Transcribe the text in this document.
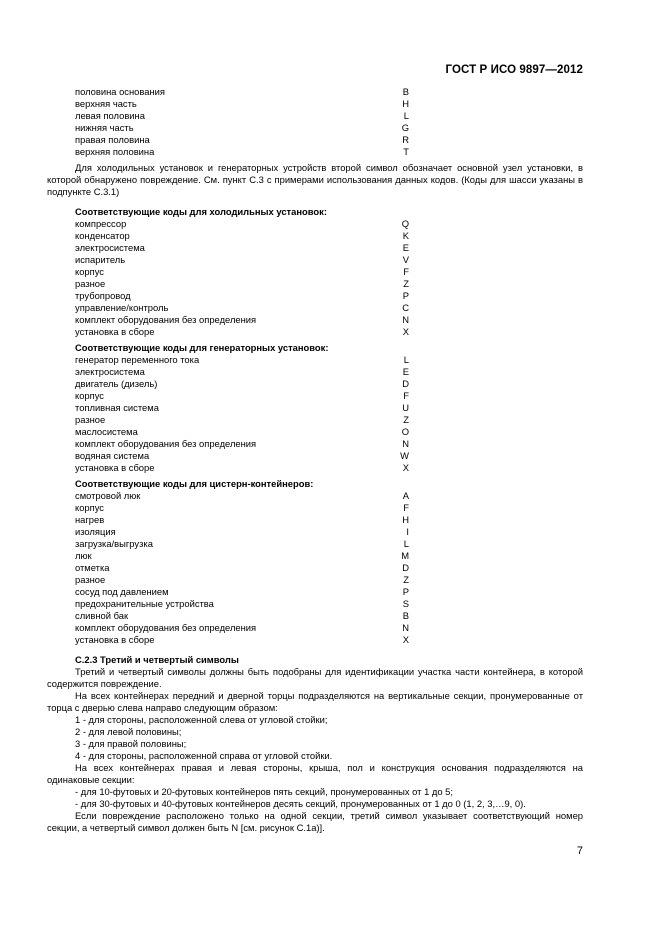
ГОСТ Р ИСО 9897—2012
половина основания	B
верхняя часть	H
левая половина	L
нижняя часть	G
правая половина	R
верхняя половина	T
Для холодильных установок и генераторных устройств второй символ обозначает основной узел установки, в которой обнаружено повреждение. См. пункт С.3 с примерами использования данных кодов. (Коды для шасси указаны в подпункте С.3.1)
Соответствующие коды для холодильных установок:
компрессор	Q
конденсатор	K
электросистема	E
испаритель	V
корпус	F
разное	Z
трубопровод	P
управление/контроль	C
комплект оборудования без определения	N
установка в сборе	X
Соответствующие коды для генераторных установок:
генератор переменного тока	L
электросистема	E
двигатель (дизель)	D
корпус	F
топливная система	U
разное	Z
маслосистема	O
комплект оборудования без определения	N
водяная система	W
установка в сборе	X
Соответствующие коды для цистерн-контейнеров:
смотровой люк	A
корпус	F
нагрев	H
изоляция	I
загрузка/выгрузка	L
люк	M
отметка	D
разное	Z
сосуд под давлением	P
предохранительные устройства	S
сливной бак	B
комплект оборудования без определения	N
установка в сборе	X
С.2.3 Третий и четвертый символы
Третий и четвертый символы должны быть подобраны для идентификации участка части контейнера, в которой содержится повреждение.
На всех контейнерах передний и дверной торцы подразделяются на вертикальные секции, пронумерованные от торца с дверью слева направо следующим образом:
1 - для стороны, расположенной слева от угловой стойки;
2 - для левой половины;
3 - для правой половины;
4 - для стороны, расположенной справа от угловой стойки.
На всех контейнерах правая и левая стороны, крыша, пол и конструкция основания подразделяются на одинаковые секции:
- для 10-футовых и 20-футовых контейнеров пять секций, пронумерованных от 1 до 5;
- для 30-футовых и 40-футовых контейнеров десять секций, пронумерованных от 1 до 0 (1, 2, 3,…9, 0).
Если повреждение расположено только на одной секции, третий символ указывает соответствующий номер секции, а четвертый символ должен быть N [см. рисунок С.1а)].
7
